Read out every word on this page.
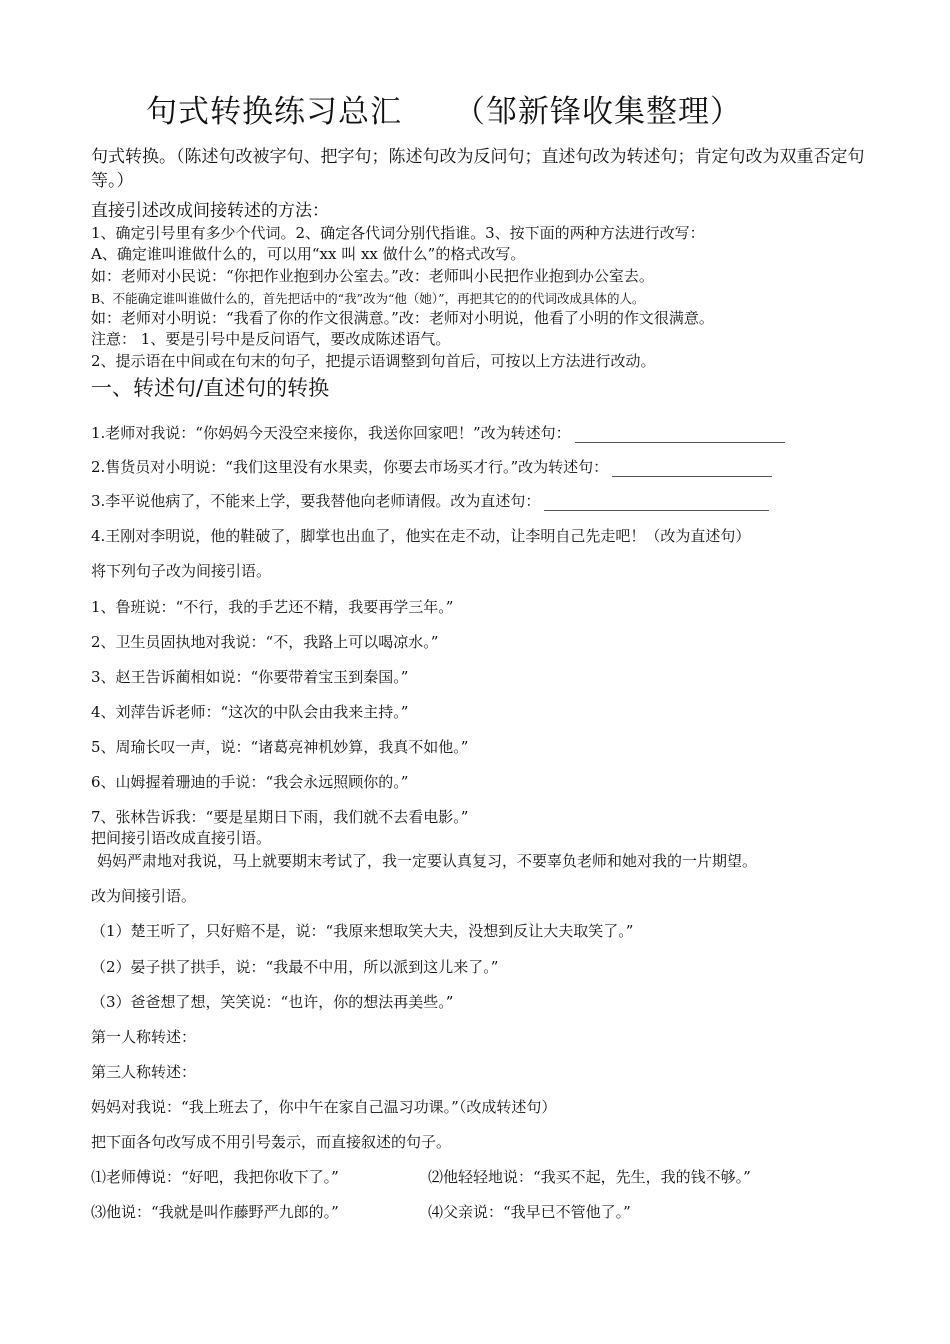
句式转换练习总汇 （邹新锋收集整理）
句式转换。（陈述句改被字句、把字句；陈述句改为反问句；直述句改为转述句；肯定句改为双重否定句等。）
直接引述改成间接转述的方法：
1、确定引号里有多少个代词。2、确定各代词分别代指谁。3、按下面的两种方法进行改写：
A、确定谁叫谁做什么的，可以用“xx 叫 xx 做什么”的格式改写。
如：老师对小民说：“你把作业抱到办公室去。”改：老师叫小民把作业抱到办公室去。
B、不能确定谁叫谁做什么的，首先把话中的“我”改为“他（她）”，再把其它的的代词改成具体的人。
如：老师对小明说：“我看了你的作文很满意。”改：老师对小明说，他看了小明的作文很满意。
注意： 1、要是引号中是反问语气，要改成陈述语气。
2、提示语在中间或在句末的句子，把提示语调整到句首后，可按以上方法进行改动。
一、转述句/直述句的转换
1.老师对我说：“你妈妈今天没空来接你，我送你回家吧！”改为转述句：
2.售货员对小明说：“我们这里没有水果卖，你要去市场买才行。”改为转述句：
3.李平说他病了，不能来上学，要我替他向老师请假。改为直述句：
4.王刚对李明说，他的鞋破了，脚掌也出血了，他实在走不动，让李明自己先走吧！（改为直述句）
将下列句子改为间接引语。
1、鲁班说：“不行，我的手艺还不精，我要再学三年。”
2、卫生员固执地对我说：“不，我路上可以喝凉水。”
3、赵王告诉蔺相如说：“你要带着宝玉到秦国。”
4、刘萍告诉老师：“这次的中队会由我来主持。”
5、周瑜长叹一声，说：“诸葛亮神机妙算，我真不如他。”
6、山姆握着珊迪的手说：“我会永远照顾你的。”
7、张林告诉我：“要是星期日下雨，我们就不去看电影。”
把间接引语改成直接引语。
妈妈严肃地对我说，马上就要期末考试了，我一定要认真复习，不要辜负老师和她对我的一片期望。
改为间接引语。
（1）楚王听了，只好赔不是，说：“我原来想取笑大夫，没想到反让大夫取笑了。”
（2）晏子拱了拱手，说：“我最不中用，所以派到这儿来了。”
（3）爸爸想了想，笑笑说：“也许，你的想法再美些。”
第一人称转述：
第三人称转述：
妈妈对我说：“我上班去了，你中午在家自己温习功课。”（改成转述句）
把下面各句改写成不用引号轰示，而直接叙述的句子。
⑴老师傅说：“好吧，我把你收下了。”	⑵他轻轻地说：“我买不起，先生，我的钱不够。”
⑶他说：“我就是叫作藤野严九郎的。”	⑷父亲说：“我早已不管他了。”
